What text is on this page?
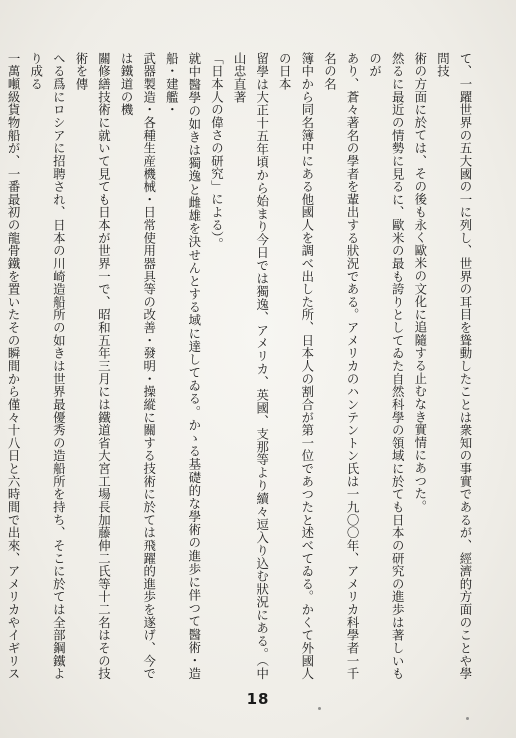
て、一躍世界の五大國の一に列し、世界の耳目を聳動したことは衆知の事實であるが、經濟的方面のことや學問技
術の方面に於ては、その後も永く歐米の文化に追隨する止むなき實情にあつた。
然るに最近の情勢に見るに、歐米の最も誇りとしてゐた自然科學の領域に於ても日本の研究の進歩は著しいものが
あり、蒼々著名の學者を輩出する狀況である。アメリカのハンテントン氏は一九〇〇年、アメリカ科學者一千名の名
簿中から同名簿中にある他國人を調べ出した所、日本人の割合が第一位であつたと述べてゐる。かくて外國人の日本
留學は大正十五年頃から始まり今日では獨逸、アメリカ、英國、支那等より續々逗入り込む狀況にある。（中山忠直著
「日本人の偉さの研究」による）。
就中醫學の如きは獨逸と雌雄を決せんとする域に達してゐる。かゝる基礎的な學術の進歩に伴つて醫術・造船・建艦・
武器製造・各種生産機械・日常使用器具等の改善・發明・操縱に關する技術に於ては飛躍的進歩を遂げ、今では鐵道の機
關修繕技術に就いて見ても日本が世界一で、昭和五年三月には鐵道省大宮工場長加藤伸二氏等十二名はその技術を傳
へる爲にロシアに招聘され、日本の川崎造船所の如きは世界最優秀の造船所を持ち、そこに於ては全部鋼鐵より成る
一萬噸級貨物船が、一番最初の龍骨鐵を置いたその瞬間から僅々十八日と六時間で出來、アメリカやイギリス
18
